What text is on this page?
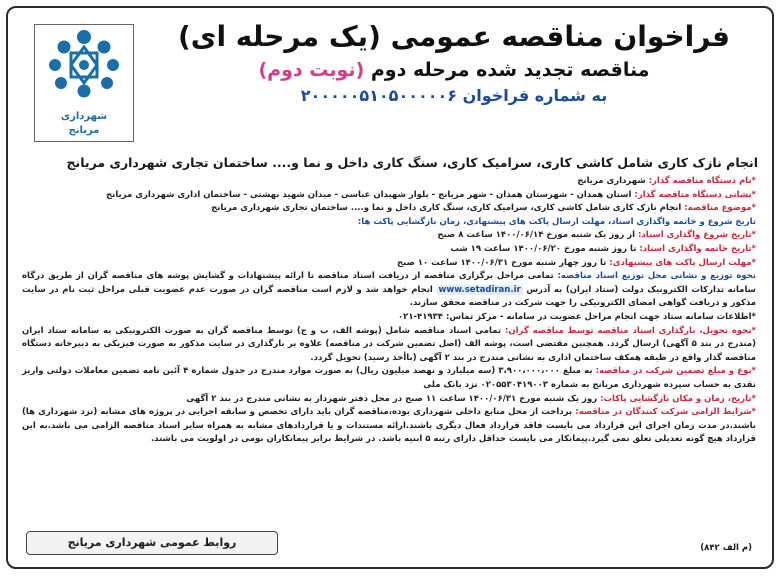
شهرداری
مریانج
فراخوان مناقصه عمومی (یک مرحله ای)
مناقصه تجدید شده مرحله دوم (نوبت دوم)
به شماره فراخوان ۲۰۰۰۰۰۵۱۰۵۰۰۰۰۰۶
انجام نازک کاری شامل کاشی کاری، سرامیک کاری، سنگ کاری داخل و نما و.... ساختمان تجاری شهرداری مریانج

*نام دستگاه مناقصه گذار: شهرداری مریانج

*نشانی دستگاه مناقصه گذار: استان همدان - شهرستان همدان - شهر مریانج - بلوار شهیدان عباسی - میدان شهید بهشتی - ساختمان اداری شهرداری مریانج

*موضوع مناقصه: انجام نازک کاری شامل کاشی کاری، سرامیک کاری، سنگ کاری داخل و نما و.... ساختمان تجاری شهرداری مریانج

تاریخ شروع و خاتمه واگذاری اسناد، مهلت ارسال پاکت های پیشنهادی، زمان بازگشایی پاکت ها:

*تاریخ شروع واگذاری اسناد: از روز یک شنبه مورخ ۱۴۰۰/۰۶/۱۴ ساعت ۸ صبح

*تاریخ خاتمه واگذاری اسناد: تا روز شنبه مورخ ۱۴۰۰/۰۶/۲۰ ساعت ۱۹ شب

*مهلت ارسال پاکت های پیشنهادی: تا روز چهار شنبه مورخ ۱۴۰۰/۰۶/۳۱ ساعت ۱۰ صبح

نحوه توزیع و نشانی محل توزیع اسناد مناقصه: تمامی مراحل برگزاری مناقصه از دریافت اسناد مناقصه تا ارائه پیشنهادات و گشایش پوشه های مناقصه گران از طریق درگاه سامانه تدارکات الکترونیک دولت (ستاد ایران) به آدرس www.setadiran.ir انجام خواهد شد و لازم است مناقصه گران در صورت عدم عضویت قبلی مراحل ثبت نام در سایت مذکور و دریافت گواهی امضای الکترونیکی را جهت شرکت در مناقصه محقق سازند.

*اطلاعات سامانه ستاد جهت انجام مراحل عضویت در سامانه - مرکز تماس: ۴۱۹۳۴-۰۲۱

*نحوه تحویل، بارگذاری اسناد مناقصه توسط مناقصه گران: تمامی اسناد مناقصه شامل (پوشه الف، ب و ج) توسط مناقصه گران به صورت الکترونیکی به سامانه ستاد ایران (مندرج در بند ۵ آگهی) ارسال گردد. همچنین مقتضی است، پوشه الف (اصل تضمین شرکت در مناقصه) علاوه بر بارگذاری در سایت مذکور به صورت فیزیکی به دبیرخانه دستگاه مناقصه گذار واقع در طبقه همکف ساختمان اداری به نشانی مندرج در بند ۲ آگهی (باأخذ رسید) تحویل گردد.

*نوع و مبلغ تضمین شرکت در مناقصه: به مبلغ ۳،۹۰۰،۰۰۰،۰۰۰ (سه میلیارد و نهصد میلیون ریال) به صورت موارد مندرج در جدول شماره ۴ آئین نامه تضمین معاملات دولتی واریز نقدی به حساب سپرده شهرداری مریانج به شماره ۰۲۰۵۵۳۰۴۱۹۰۰۳ نزد بانک ملی

*تاریخ، زمان و مکان بازگشایی پاکات: روز یک شنبه مورخ ۱۴۰۰/۰۶/۳۱ ساعت ۱۱ صبح در محل دفتر شهردار به نشانی مندرج در بند ۲ آگهی

*شرایط الزامی شرکت کنندگان در مناقصه: پرداخت از محل منابع داخلی شهرداری بوده،مناقصه گران باید دارای تخصص و سابقه اجرایی در پروژه های مشابه (نزد شهرداری ها) باشند.در مدت زمان اجرای این قرارداد می بایست فاقد قرارداد فعال دیگری باشند.ارائه مستندات و یا قراردادهای مشابه به همراه سایر اسناد مناقصه الزامی می باشد.به این قرارداد هیچ گونه تعدیلی تعلق نمی گیرد.پیمانکار می بایست حداقل دارای رتبه ۵ ابنیه باشد. در شرایط برابر پیمانکاران بومی در اولویت می باشند.

(م الف ۸۴۲)
روابط عمومی شهرداری مریانج
